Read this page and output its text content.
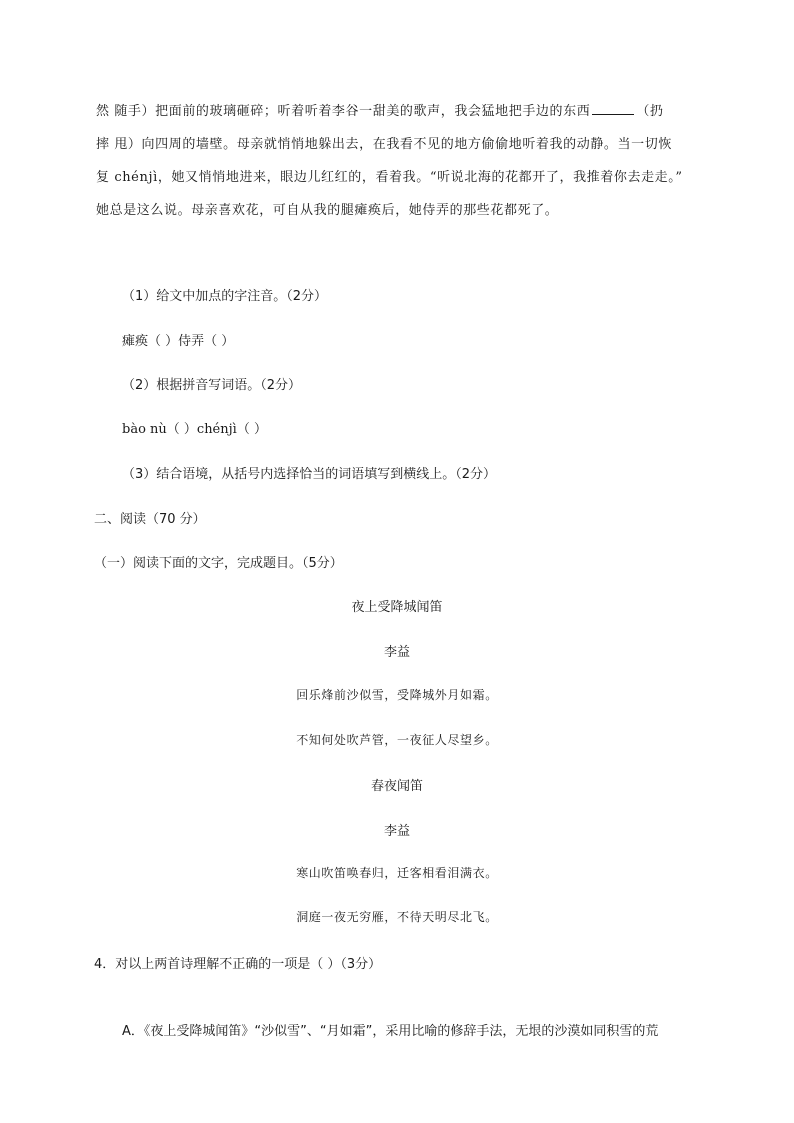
然 随手）把面前的玻璃砸碎；听着听着李谷一甜美的歌声，我会猛地把手边的东西	（扔
摔 甩）向四周的墙壁。母亲就悄悄地躲出去，在我看不见的地方偷偷地听着我的动静。当一切恢
复 chénjì，她又悄悄地进来，眼边儿红红的，看着我。“听说北海的花都开了，我推着你去走走。”
她总是这么说。母亲喜欢花，可自从我的腿瘫痪后，她侍弄的那些花都死了。
（1）给文中加点的字注音。（2分）
瘫痪（ ）侍弄（ ）
（2）根据拼音写词语。（2分）
bào nù（ ）chénjì（ ）
（3）结合语境，从括号内选择恰当的词语填写到横线上。（2分）
二、阅读（70 分）
（一）阅读下面的文字，完成题目。（5分）
夜上受降城闻笛
李益
回乐烽前沙似雪，受降城外月如霜。
不知何处吹芦管，一夜征人尽望乡。
春夜闻笛
李益
寒山吹笛唤春归，迁客相看泪满衣。
洞庭一夜无穷雁，不待天明尽北飞。
4．对以上两首诗理解不正确的一项是（ ）（3分）
A．《夜上受降城闻笛》“沙似雪”、“月如霜”，采用比喻的修辞手法，无垠的沙漠如同积雪的荒
